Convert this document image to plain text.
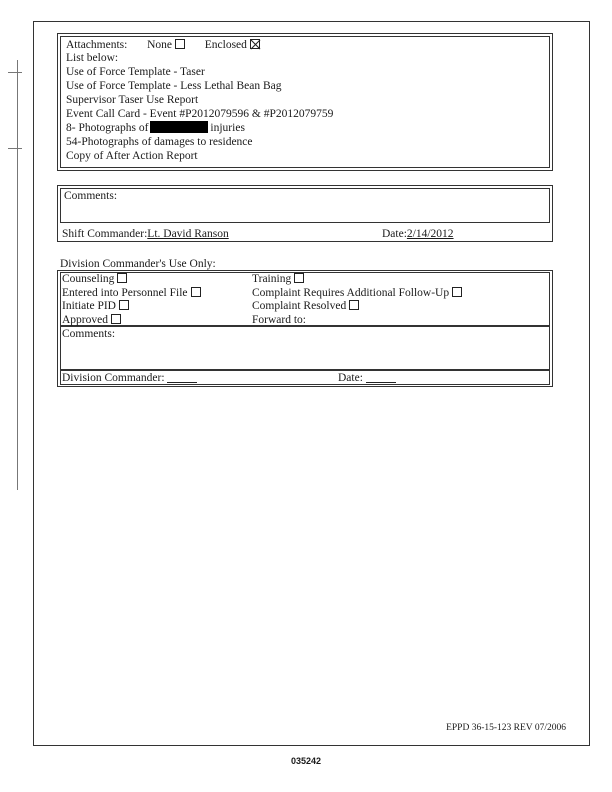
Attachments: None	Enclosed
List below:
Use of Force Template - Taser
Use of Force Template - Less Lethal Bean Bag
Supervisor Taser Use Report
Event Call Card - Event #P2012079596 & #P2012079759
8- Photographs of	injuries
54-Photographs of damages to residence
Copy of After Action Report
Comments:
Shift Commander:Lt. David Ranson	Date:2/14/2012
Division Commander's Use Only:
Counseling	Training
Entered into Personnel File	Complaint Requires Additional Follow-Up
Initiate PID	Complaint Resolved
Approved	Forward to:
Comments:
Division Commander:	Date:
EPPD 36-15-123 REV 07/2006
035242
